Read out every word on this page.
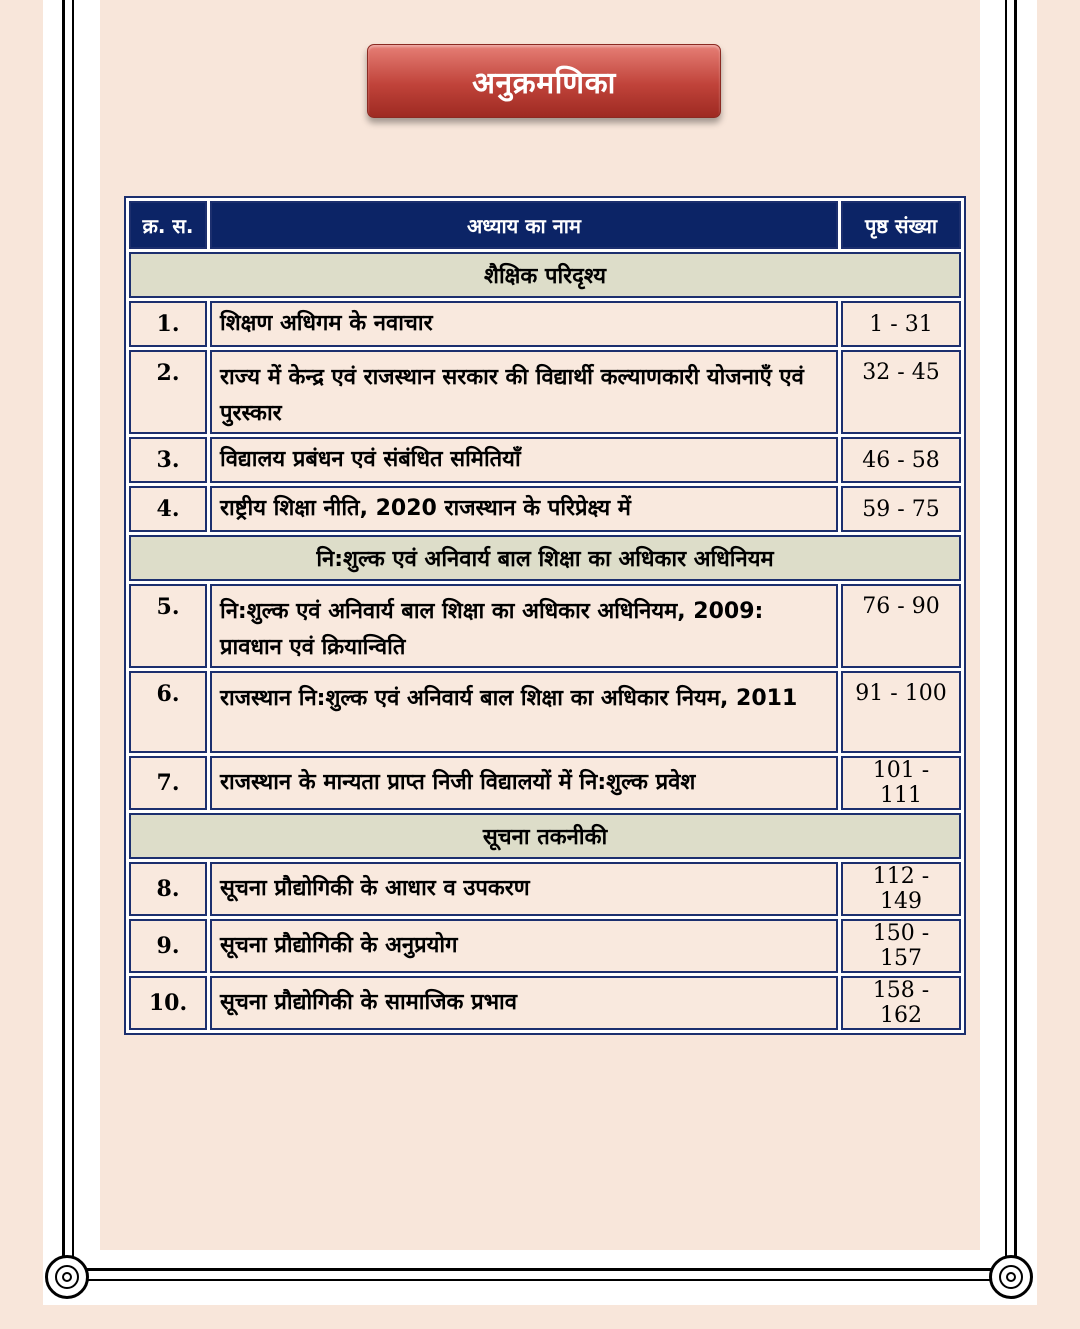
अनुक्रमणिका
क्र. स.	अध्याय का नाम	पृष्ठ संख्या
शैक्षिक परिदृश्य		
1.	शिक्षण अधिगम के नवाचार	1 - 31
2.	राज्य में केन्द्र एवं राजस्थान सरकार की विद्यार्थी कल्याणकारी योजनाएँ एवं पुरस्कार	32 - 45
3.	विद्यालय प्रबंधन एवं संबंधित समितियाँ	46 - 58
4.	राष्ट्रीय शिक्षा नीति, 2020 राजस्थान के परिप्रेक्ष्य में	59 - 75
नि:शुल्क एवं अनिवार्य बाल शिक्षा का अधिकार अधिनियम		
5.	नि:शुल्क एवं अनिवार्य बाल शिक्षा का अधिकार अधिनियम, 2009: प्रावधान एवं क्रियान्विति	76 - 90
6.	राजस्थान नि:शुल्क एवं अनिवार्य बाल शिक्षा का अधिकार नियम, 2011	91 - 100
7.	राजस्थान के मान्यता प्राप्त निजी विद्यालयों में नि:शुल्क प्रवेश	101 - 111
सूचना तकनीकी		
8.	सूचना प्रौद्योगिकी के आधार व उपकरण	112 - 149
9.	सूचना प्रौद्योगिकी के अनुप्रयोग	150 - 157
10.	सूचना प्रौद्योगिकी के सामाजिक प्रभाव	158 - 162
